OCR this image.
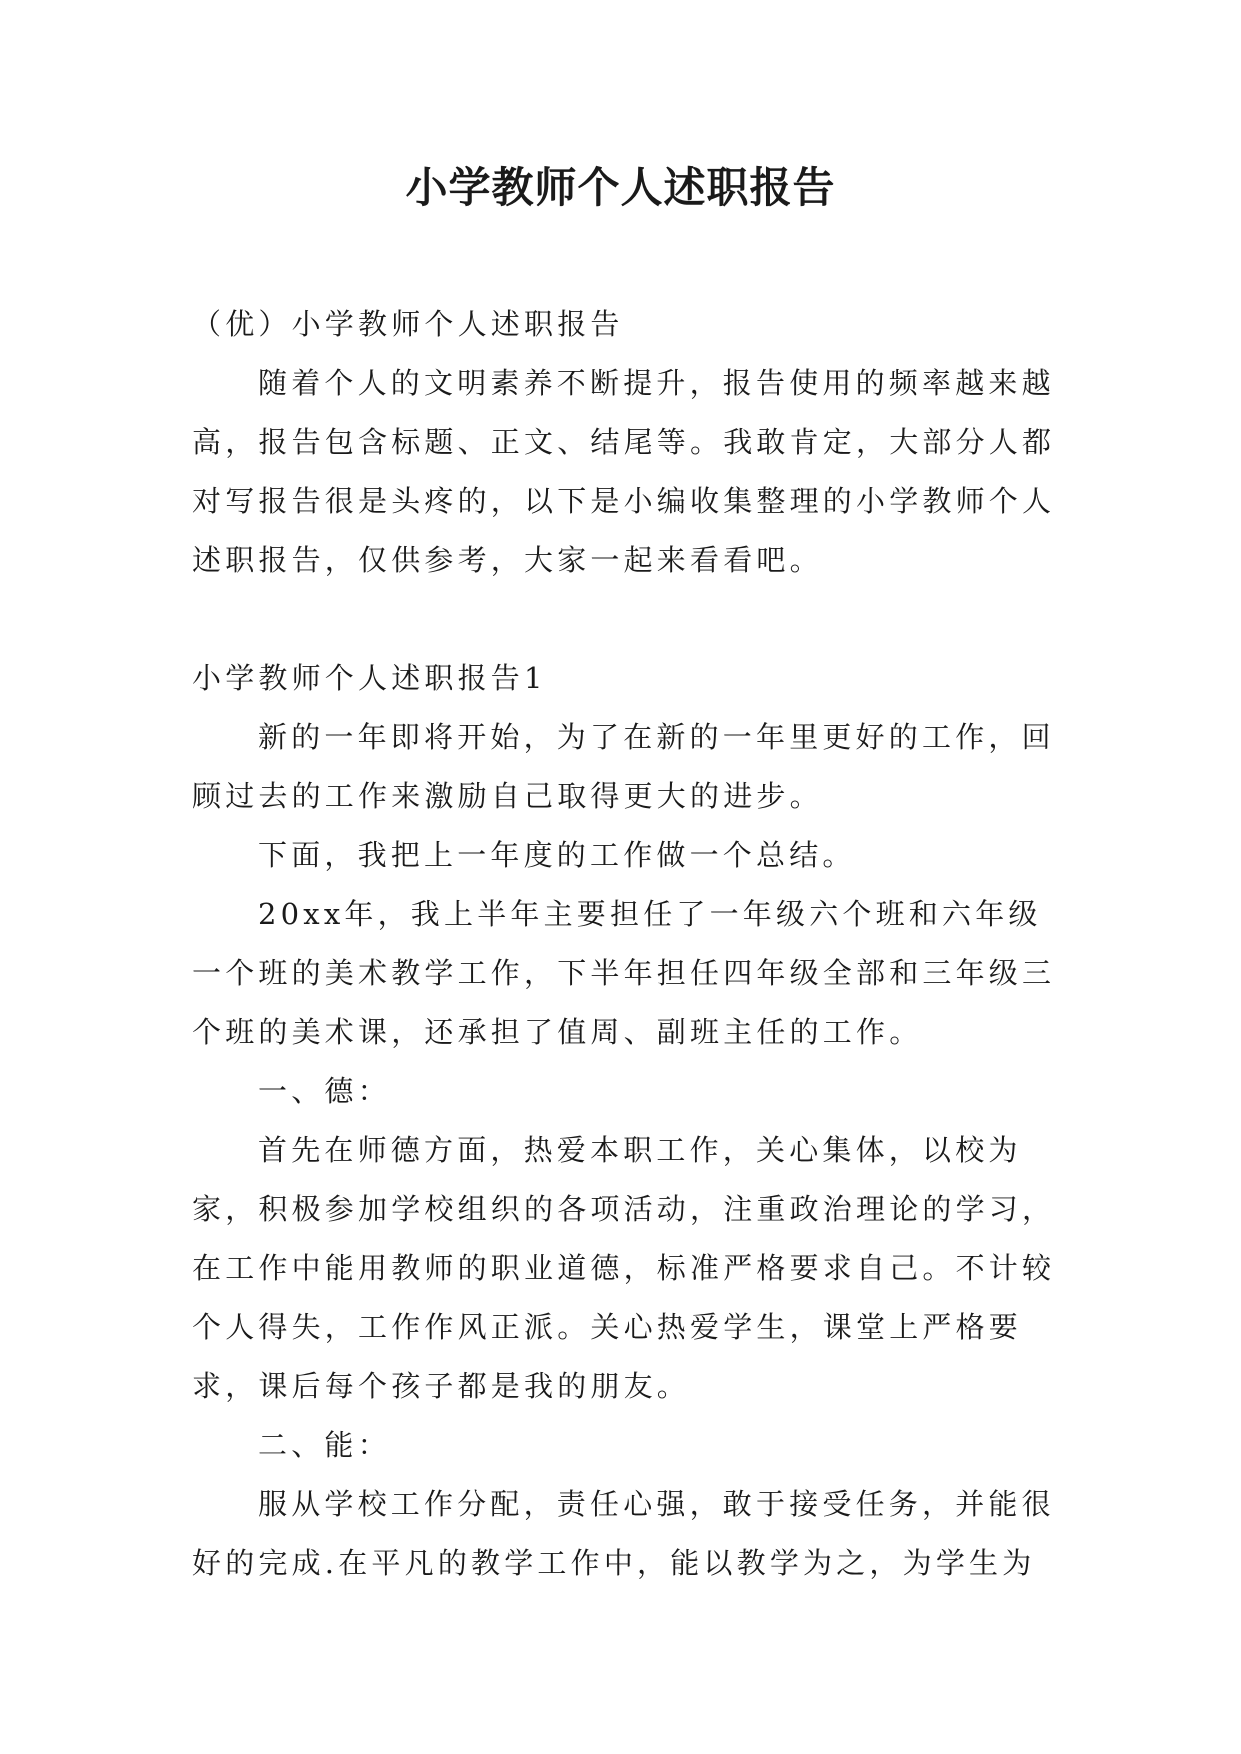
小学教师个人述职报告

（优）小学教师个人述职报告

随着个人的文明素养不断提升，报告使用的频率越来越高，报告包含标题、正文、结尾等。我敢肯定，大部分人都对写报告很是头疼的，以下是小编收集整理的小学教师个人述职报告，仅供参考，大家一起来看看吧。

小学教师个人述职报告1

新的一年即将开始，为了在新的一年里更好的工作，回顾过去的工作来激励自己取得更大的进步。

下面，我把上一年度的工作做一个总结。

20xx年，我上半年主要担任了一年级六个班和六年级一个班的美术教学工作，下半年担任四年级全部和三年级三个班的美术课，还承担了值周、副班主任的工作。

一、德：

首先在师德方面，热爱本职工作，关心集体，以校为家，积极参加学校组织的各项活动，注重政治理论的学习，在工作中能用教师的职业道德，标准严格要求自己。不计较个人得失，工作作风正派。关心热爱学生，课堂上严格要求，课后每个孩子都是我的朋友。

二、能：

服从学校工作分配，责任心强，敢于接受任务，并能很好的完成.在平凡的教学工作中，能以教学为之，为学生为
